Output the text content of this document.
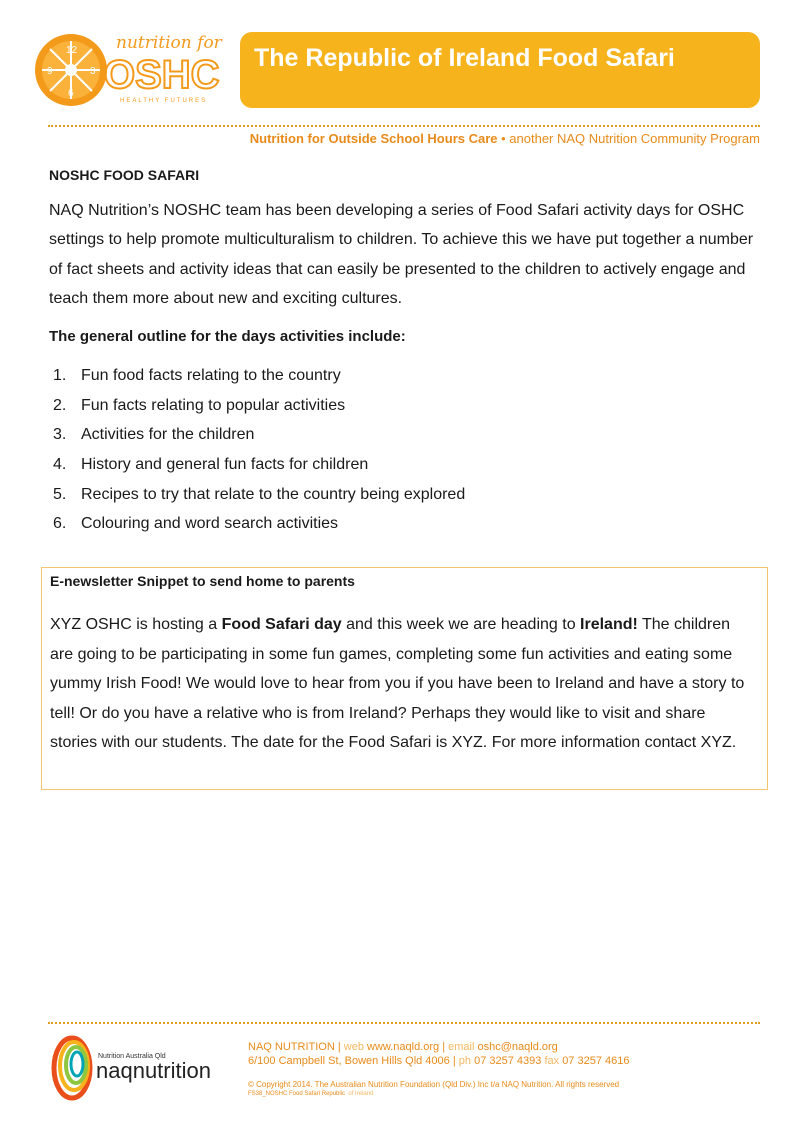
12
9	3
6
nutrition for
OSHC
HEALTHY FUTURES
The Republic of Ireland Food Safari
Nutrition for Outside School Hours Care • another NAQ Nutrition Community Program
NOSHC FOOD SAFARI

NAQ Nutrition’s NOSHC team has been developing a series of Food Safari activity days for OSHC settings to help promote multiculturalism to children. To achieve this we have put together a number of fact sheets and activity ideas that can easily be presented to the children to actively engage and teach them more about new and exciting cultures.

The general outline for the days activities include:
1. Fun food facts relating to the country
2. Fun facts relating to popular activities
3. Activities for the children
4. History and general fun facts for children
5. Recipes to try that relate to the country being explored
6. Colouring and word search activities
E-newsletter Snippet to send home to parents
XYZ OSHC is hosting a Food Safari day and this week we are heading to Ireland! The children are going to be participating in some fun games, completing some fun activities and eating some yummy Irish Food! We would love to hear from you if you have been to Ireland and have a story to tell! Or do you have a relative who is from Ireland? Perhaps they would like to visit and share stories with our students. The date for the Food Safari is XYZ. For more information contact XYZ.
Nutrition Australia Qld
naqnutrition
NAQ NUTRITION | web www.naqld.org | email oshc@naqld.org
6/100 Campbell St, Bowen Hills Qld 4006 | ph 07 3257 4393 fax 07 3257 4616
© Copyright 2014. The Australian Nutrition Foundation (Qld Div.) Inc t/a NAQ Nutrition. All rights reserved
FS38_NOSHC Food Safari Republic of Ireland
